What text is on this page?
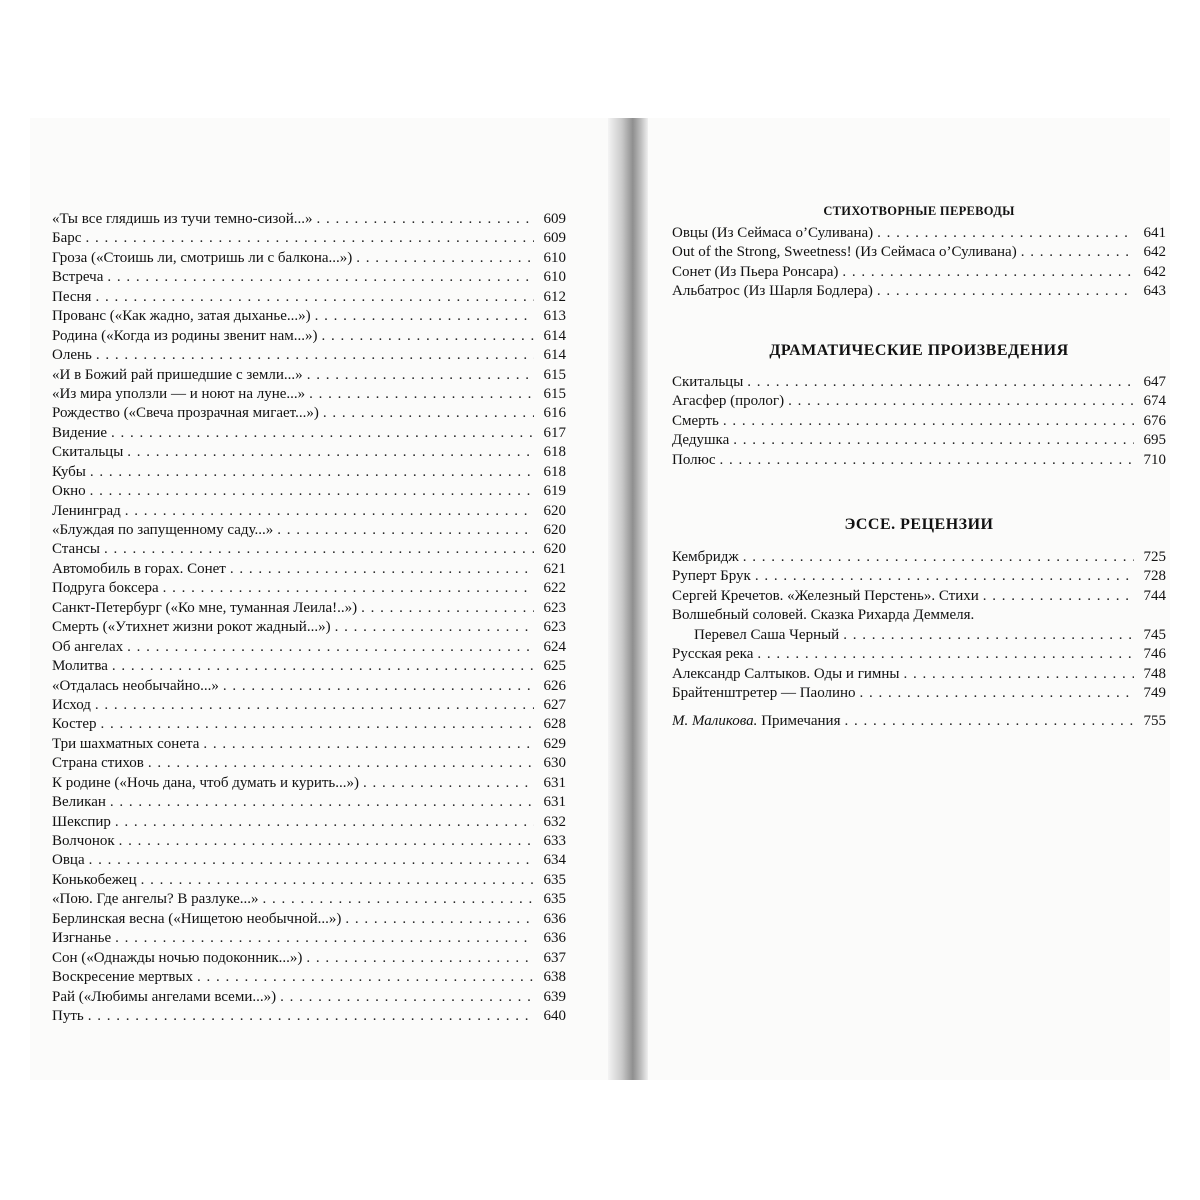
«Ты все глядишь из тучи темно-сизой...» . . .	609
Барс . . .	609
Гроза («Стоишь ли, смотришь ли с балкона...») . . .	610
Встреча . . .	610
Песня . . .	612
Прованс («Как жадно, затая дыханье...») . . .	613
Родина («Когда из родины звенит нам...») . . .	614
Олень . . .	614
«И в Божий рай пришедшие с земли...» . . .	615
«Из мира уползли — и ноют на луне...» . . .	615
Рождество («Свеча прозрачная мигает...») . . .	616
Видение . . .	617
Скитальцы . . .	618
Кубы . . .	618
Окно . . .	619
Ленинград . . .	620
«Блуждая по запущенному саду...» . . .	620
Стансы . . .	620
Автомобиль в горах. Сонет . . .	621
Подруга боксера . . .	622
Санкт-Петербург («Ко мне, туманная Леила!..») . . .	623
Смерть («Утихнет жизни рокот жадный...») . . .	623
Об ангелах . . .	624
Молитва . . .	625
«Отдалась необычайно...» . . .	626
Исход . . .	627
Костер . . .	628
Три шахматных сонета . . .	629
Страна стихов . . .	630
К родине («Ночь дана, чтоб думать и курить...») . . .	631
Великан . . .	631
Шекспир . . .	632
Волчонок . . .	633
Овца . . .	634
Конькобежец . . .	635
«Пою. Где ангелы? В разлуке...» . . .	635
Берлинская весна («Нищетою необычной...») . . .	636
Изгнанье . . .	636
Сон («Однажды ночью подоконник...») . . .	637
Воскресение мертвых . . .	638
Рай («Любимы ангелами всеми...») . . .	639
Путь . . .	640
СТИХОТВОРНЫЕ ПЕРЕВОДЫ
Овцы (Из Сеймаса о’Суливана) . . .	641
Out of the Strong, Sweetness! (Из Сеймаса о’Суливана) . . .	642
Сонет (Из Пьера Ронсара) . . .	642
Альбатрос (Из Шарля Бодлера) . . .	643
ДРАМАТИЧЕСКИЕ ПРОИЗВЕДЕНИЯ
Скитальцы . . .	647
Агасфер (пролог) . . .	674
Смерть . . .	676
Дедушка . . .	695
Полюс . . .	710
ЭССЕ. РЕЦЕНЗИИ
Кембридж . . .	725
Руперт Брук . . .	728
Сергей Кречетов. «Железный Перстень». Стихи . . .	744
Волшебный соловей. Сказка Рихарда Деммеля.
Перевел Саша Черный . . .	745
Русская река . . .	746
Александр Салтыков. Оды и гимны . . .	748
Брайтенштретер — Паолино . . .	749
М. Маликова. Примечания . . .	755
